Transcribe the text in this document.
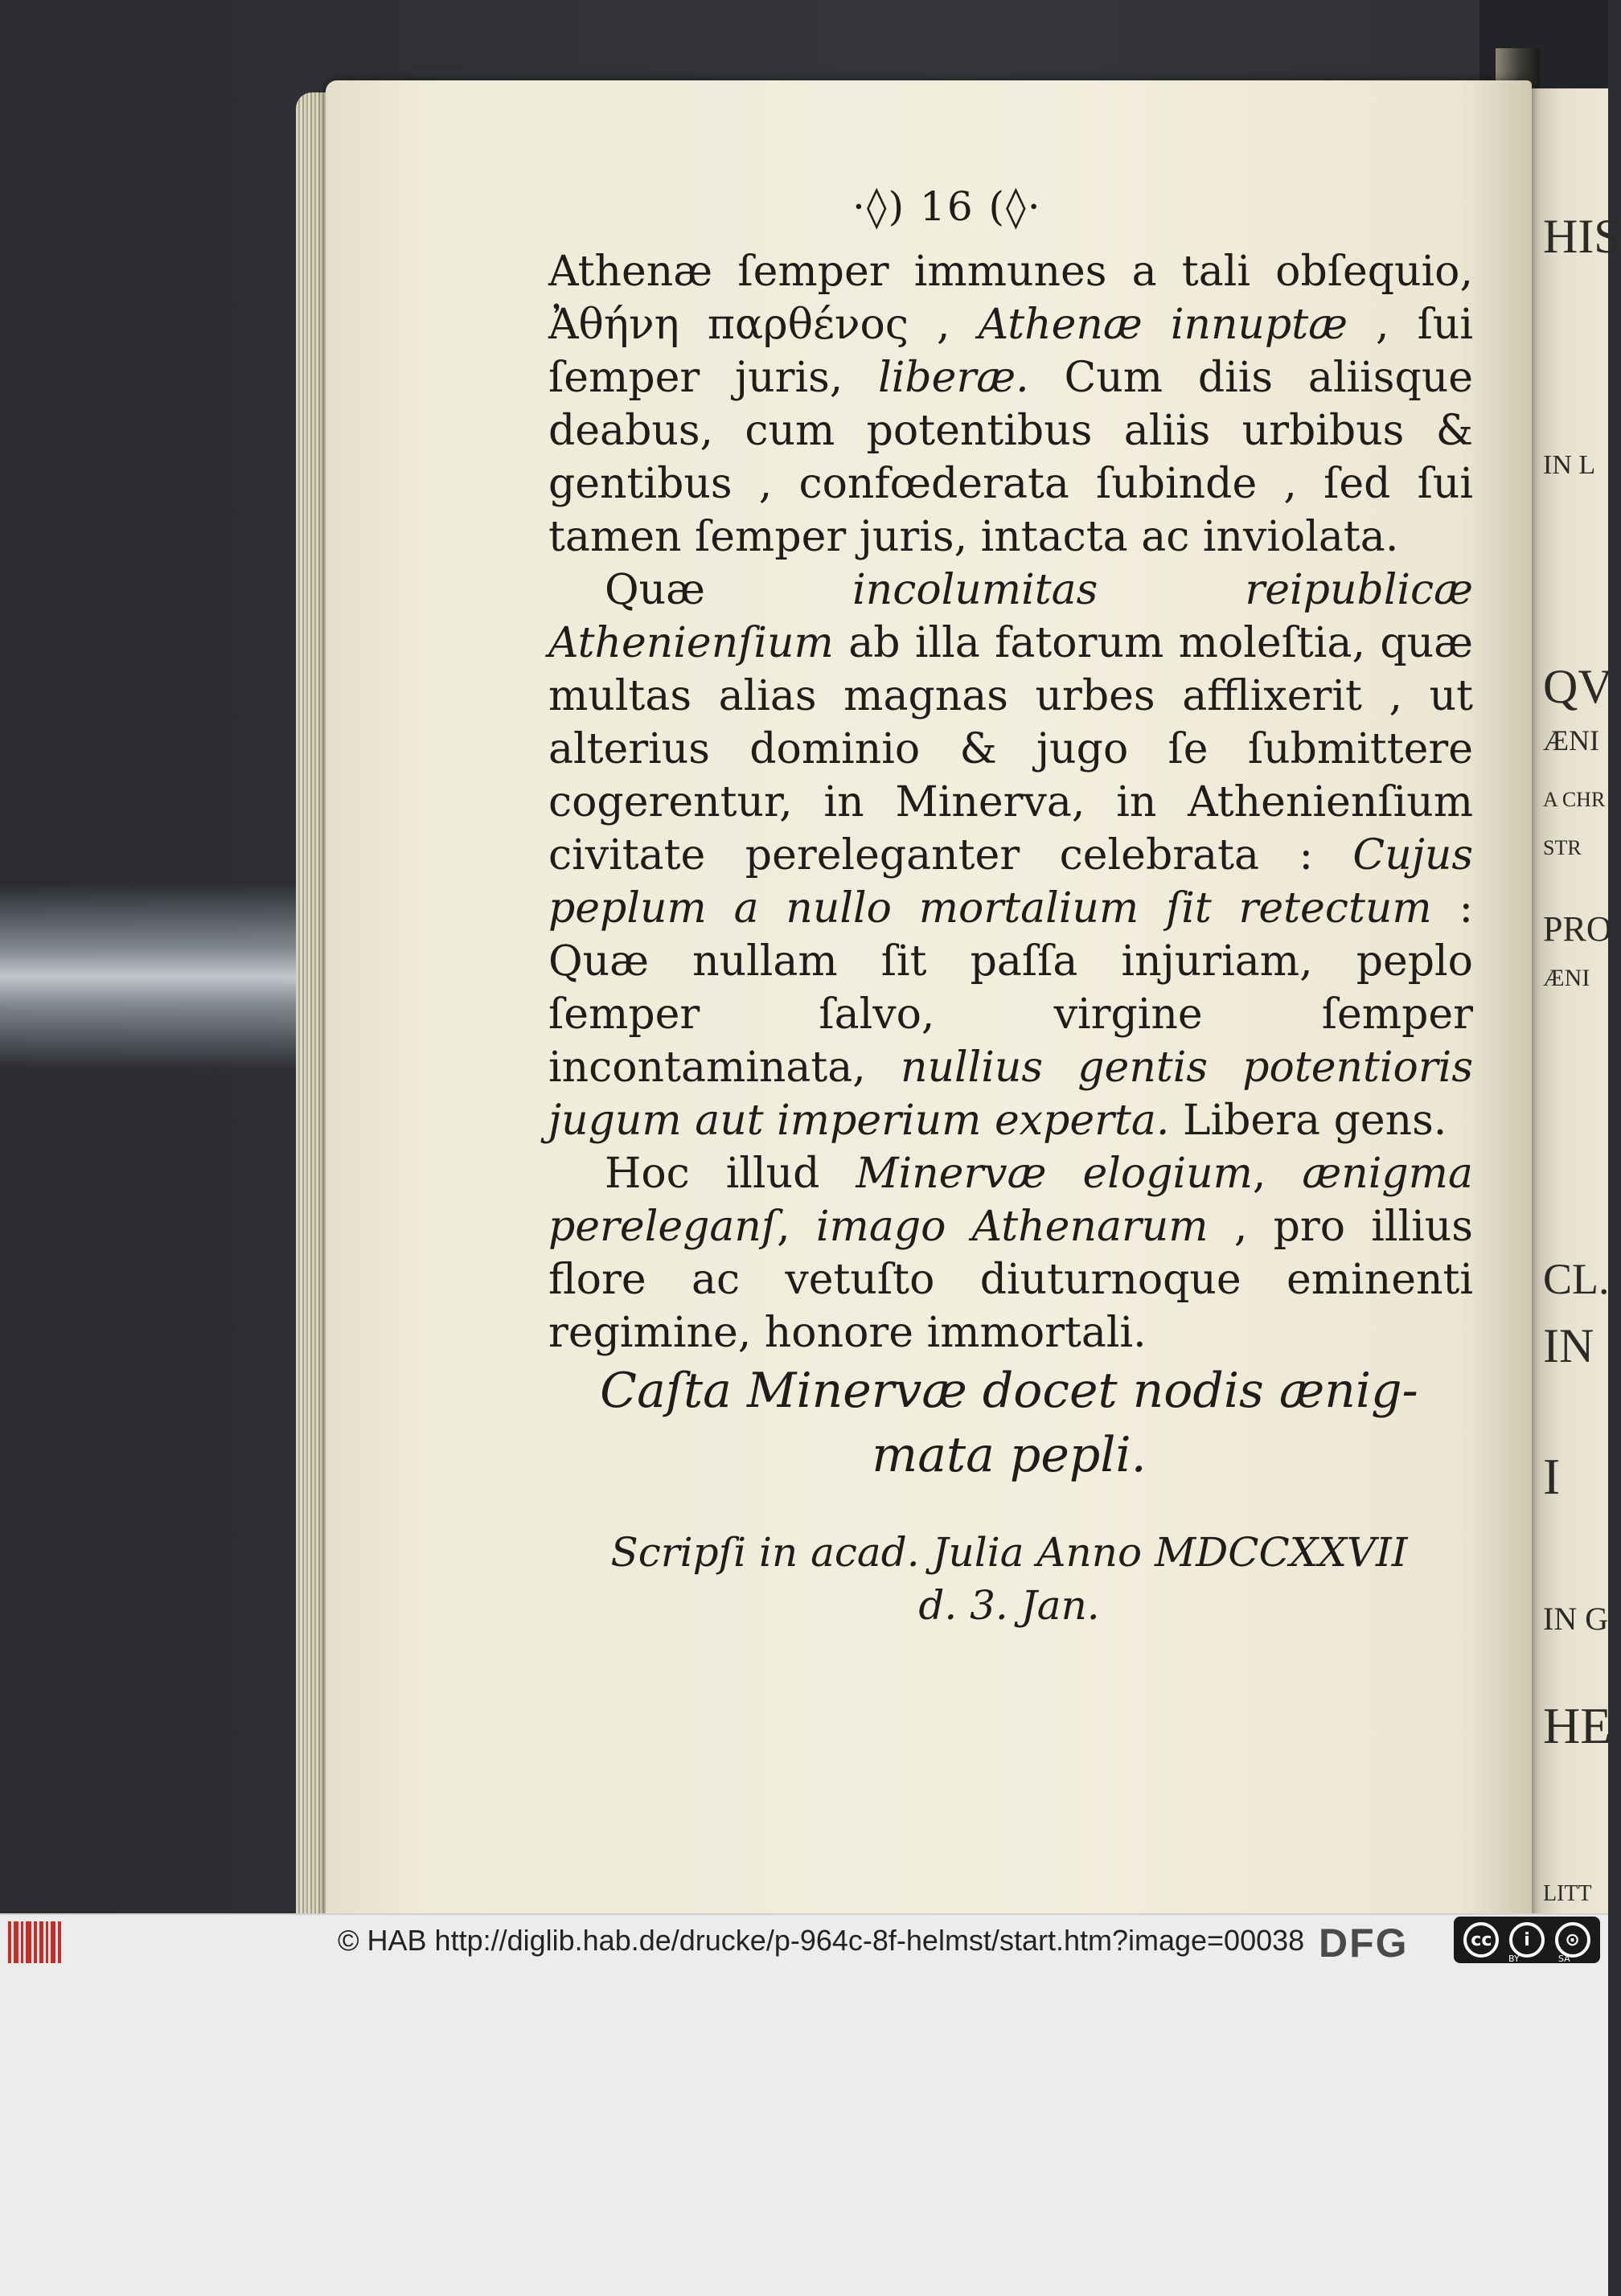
HIS
IN L
QV
ÆNI
A CHR
STR
PRO
ÆNI
CL.
IN
I
IN G
HE
LITT
·◊) 16 (◊·

Athenæ ſemper immunes a tali obſequio, Ἀθήνη παρθένος , Athenæ innuptæ , ſui ſemper juris, liberæ. Cum diis aliisque deabus, cum potentibus aliis urbibus & gentibus , confœderata ſubinde , ſed ſui tamen ſemper juris, intacta ac inviolata.

Quæ incolumitas reipublicæ Athenienſium ab illa fatorum moleſtia, quæ multas alias magnas urbes afflixerit , ut alterius dominio & jugo ſe ſubmittere cogerentur, in Minerva, in Athenienſium civitate pereleganter celebrata : Cujus peplum a nullo mortalium ſit retectum : Quæ nullam ſit paſſa injuriam, peplo ſemper ſalvo, virgine ſemper incontaminata, nullius gentis potentioris jugum aut imperium experta. Libera gens.

Hoc illud Minervæ elogium, ænigma pereleganſ, imago Athenarum , pro illius flore ac vetuſto diuturnoque eminenti regimine, honore immortali.

Caſta Minervæ docet nodis ænig-
mata pepli.
Scripſi in acad. Julia Anno MDCCXXVII
d. 3. Jan.
© HAB http://diglib.hab.de/drucke/p-964c-8f-helmst/start.htm?image=00038 DFG	cc	i	⊙
BY	SA
